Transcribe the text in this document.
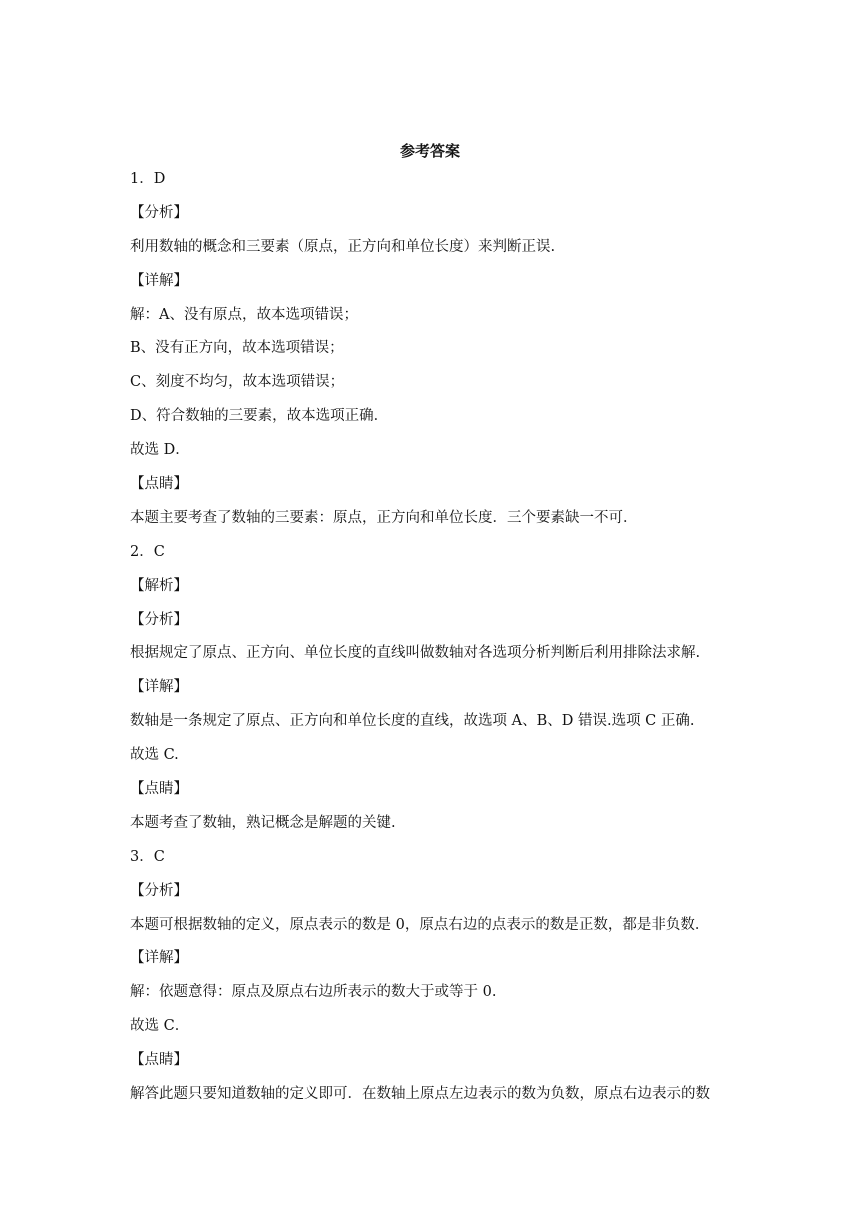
参考答案
1．D
【分析】
利用数轴的概念和三要素（原点，正方向和单位长度）来判断正误.
【详解】
解：A、没有原点，故本选项错误；
B、没有正方向，故本选项错误；
C、刻度不均匀，故本选项错误；
D、符合数轴的三要素，故本选项正确．
故选 D．
【点睛】
本题主要考查了数轴的三要素：原点，正方向和单位长度．三个要素缺一不可．
2．C
【解析】
【分析】
根据规定了原点、正方向、单位长度的直线叫做数轴对各选项分析判断后利用排除法求解.
【详解】
数轴是一条规定了原点、正方向和单位长度的直线，故选项 A、B、D 错误.选项 C 正确.
故选 C.
【点睛】
本题考查了数轴，熟记概念是解题的关键.
3．C
【分析】
本题可根据数轴的定义，原点表示的数是 0，原点右边的点表示的数是正数，都是非负数．
【详解】
解：依题意得：原点及原点右边所表示的数大于或等于 0.
故选 C．
【点睛】
解答此题只要知道数轴的定义即可．在数轴上原点左边表示的数为负数，原点右边表示的数
